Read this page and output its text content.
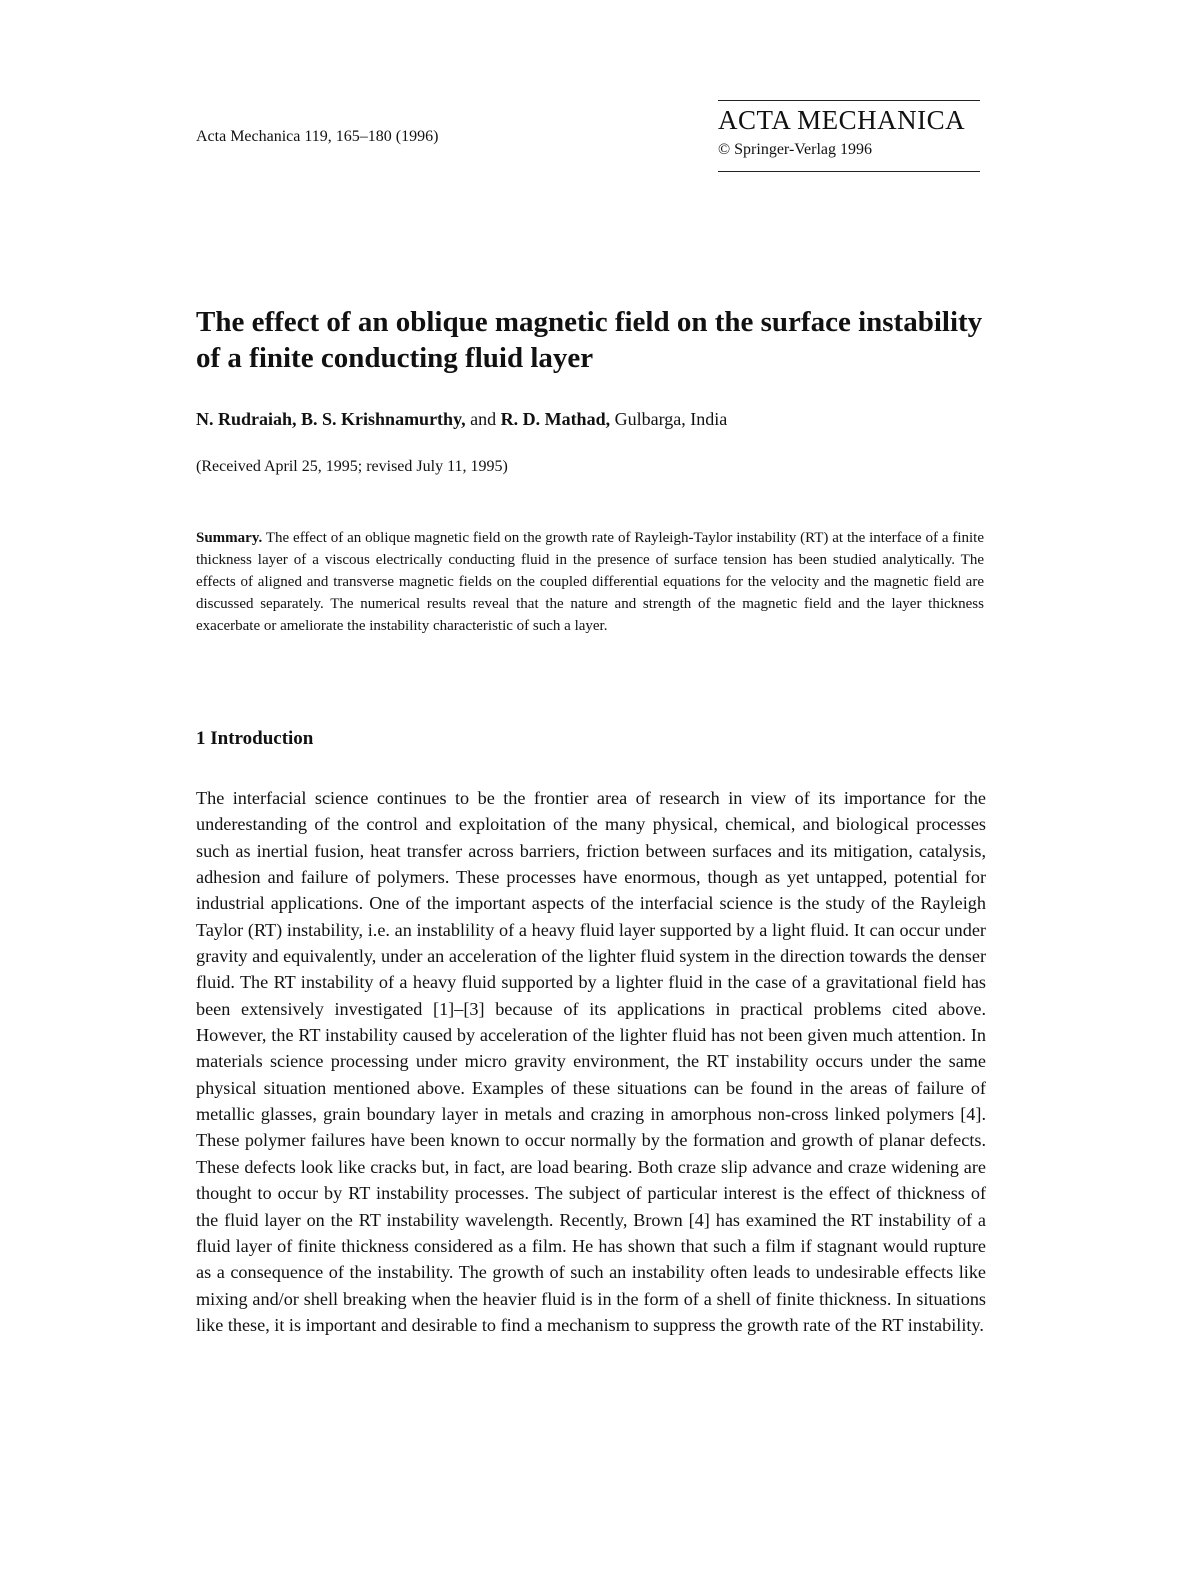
Acta Mechanica 119, 165–180 (1996)
ACTA MECHANICA
© Springer-Verlag 1996
The effect of an oblique magnetic field on the surface instability of a finite conducting fluid layer
N. Rudraiah, B. S. Krishnamurthy, and R. D. Mathad, Gulbarga, India
(Received April 25, 1995; revised July 11, 1995)
Summary. The effect of an oblique magnetic field on the growth rate of Rayleigh-Taylor instability (RT) at the interface of a finite thickness layer of a viscous electrically conducting fluid in the presence of surface tension has been studied analytically. The effects of aligned and transverse magnetic fields on the coupled differential equations for the velocity and the magnetic field are discussed separately. The numerical results reveal that the nature and strength of the magnetic field and the layer thickness exacerbate or ameliorate the instability characteristic of such a layer.
1 Introduction
The interfacial science continues to be the frontier area of research in view of its importance for the underestanding of the control and exploitation of the many physical, chemical, and biological processes such as inertial fusion, heat transfer across barriers, friction between surfaces and its mitigation, catalysis, adhesion and failure of polymers. These processes have enormous, though as yet untapped, potential for industrial applications. One of the important aspects of the interfacial science is the study of the Rayleigh Taylor (RT) instability, i.e. an instablility of a heavy fluid layer supported by a light fluid. It can occur under gravity and equivalently, under an acceleration of the lighter fluid system in the direction towards the denser fluid. The RT instability of a heavy fluid supported by a lighter fluid in the case of a gravitational field has been extensively investigated [1]–[3] because of its applications in practical problems cited above. However, the RT instability caused by acceleration of the lighter fluid has not been given much attention. In materials science processing under micro gravity environment, the RT instability occurs under the same physical situation mentioned above. Examples of these situations can be found in the areas of failure of metallic glasses, grain boundary layer in metals and crazing in amorphous non-cross linked polymers [4]. These polymer failures have been known to occur normally by the formation and growth of planar defects. These defects look like cracks but, in fact, are load bearing. Both craze slip advance and craze widening are thought to occur by RT instability processes. The subject of particular interest is the effect of thickness of the fluid layer on the RT instability wavelength. Recently, Brown [4] has examined the RT instability of a fluid layer of finite thickness considered as a film. He has shown that such a film if stagnant would rupture as a consequence of the instability. The growth of such an instability often leads to undesirable effects like mixing and/or shell breaking when the heavier fluid is in the form of a shell of finite thickness. In situations like these, it is important and desirable to find a mechanism to suppress the growth rate of the RT instability.
